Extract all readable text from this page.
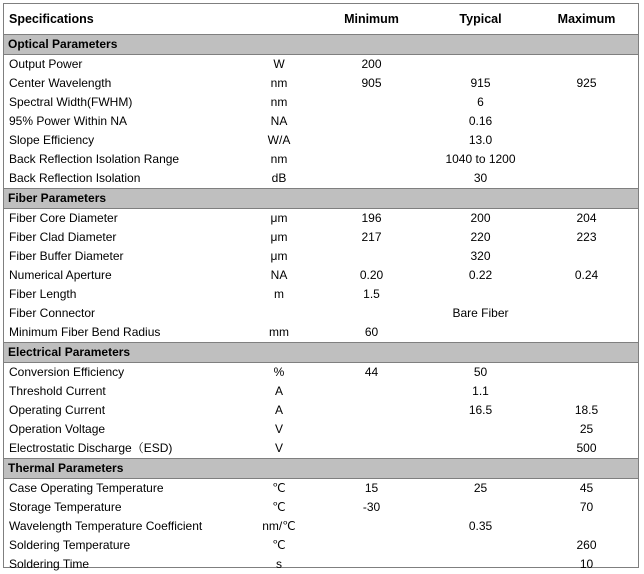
Specifications		Minimum	Typical	Maximum
Optical Parameters				
Output Power	W	200		
Center Wavelength	nm	905	915	925
Spectral Width(FWHM)	nm		6	
95% Power Within NA	NA		0.16	
Slope Efficiency	W/A		13.0	
Back Reflection Isolation Range	nm		1040 to 1200	
Back Reflection Isolation	dB		30	
Fiber Parameters				
Fiber Core Diameter	μm	196	200	204
Fiber Clad Diameter	μm	217	220	223
Fiber Buffer Diameter	μm		320	
Numerical Aperture	NA	0.20	0.22	0.24
Fiber Length	m	1.5		
Fiber Connector			Bare Fiber	
Minimum Fiber Bend Radius	mm	60		
Electrical Parameters				
Conversion Efficiency	%	44	50	
Threshold Current	A		1.1	
Operating Current	A		16.5	18.5
Operation Voltage	V			25
Electrostatic Discharge（ESD)	V			500
Thermal Parameters				
Case Operating Temperature	℃	15	25	45
Storage Temperature	℃	-30		70
Wavelength Temperature Coefficient	nm/℃		0.35	
Soldering Temperature	℃			260
Soldering Time	s			10
